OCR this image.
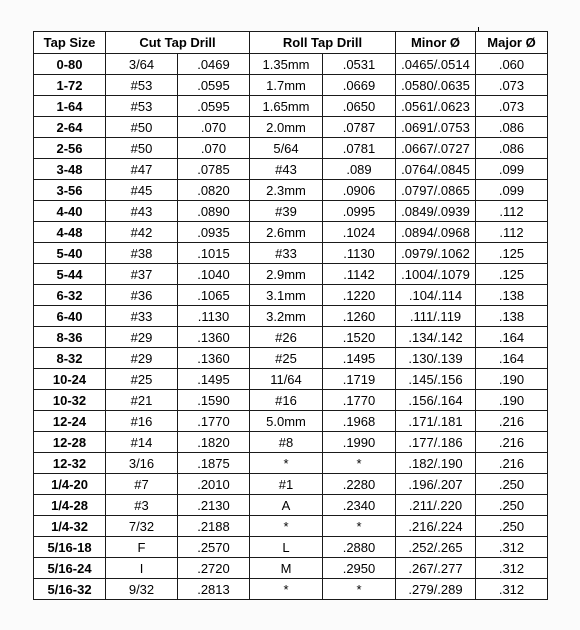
Tap Size	Cut Tap Drill		Roll Tap Drill		Minor Ø	Major Ø
0-80	3/64	.0469	1.35mm	.0531	.0465/.0514	.060
1-72	#53	.0595	1.7mm	.0669	.0580/.0635	.073
1-64	#53	.0595	1.65mm	.0650	.0561/.0623	.073
2-64	#50	.070	2.0mm	.0787	.0691/.0753	.086
2-56	#50	.070	5/64	.0781	.0667/.0727	.086
3-48	#47	.0785	#43	.089	.0764/.0845	.099
3-56	#45	.0820	2.3mm	.0906	.0797/.0865	.099
4-40	#43	.0890	#39	.0995	.0849/.0939	.112
4-48	#42	.0935	2.6mm	.1024	.0894/.0968	.112
5-40	#38	.1015	#33	.1130	.0979/.1062	.125
5-44	#37	.1040	2.9mm	.1142	.1004/.1079	.125
6-32	#36	.1065	3.1mm	.1220	.104/.114	.138
6-40	#33	.1130	3.2mm	.1260	.111/.119	.138
8-36	#29	.1360	#26	.1520	.134/.142	.164
8-32	#29	.1360	#25	.1495	.130/.139	.164
10-24	#25	.1495	11/64	.1719	.145/.156	.190
10-32	#21	.1590	#16	.1770	.156/.164	.190
12-24	#16	.1770	5.0mm	.1968	.171/.181	.216
12-28	#14	.1820	#8	.1990	.177/.186	.216
12-32	3/16	.1875	*	*	.182/.190	.216
1/4-20	#7	.2010	#1	.2280	.196/.207	.250
1/4-28	#3	.2130	A	.2340	.211/.220	.250
1/4-32	7/32	.2188	*	*	.216/.224	.250
5/16-18	F	.2570	L	.2880	.252/.265	.312
5/16-24	I	.2720	M	.2950	.267/.277	.312
5/16-32	9/32	.2813	*	*	.279/.289	.312
